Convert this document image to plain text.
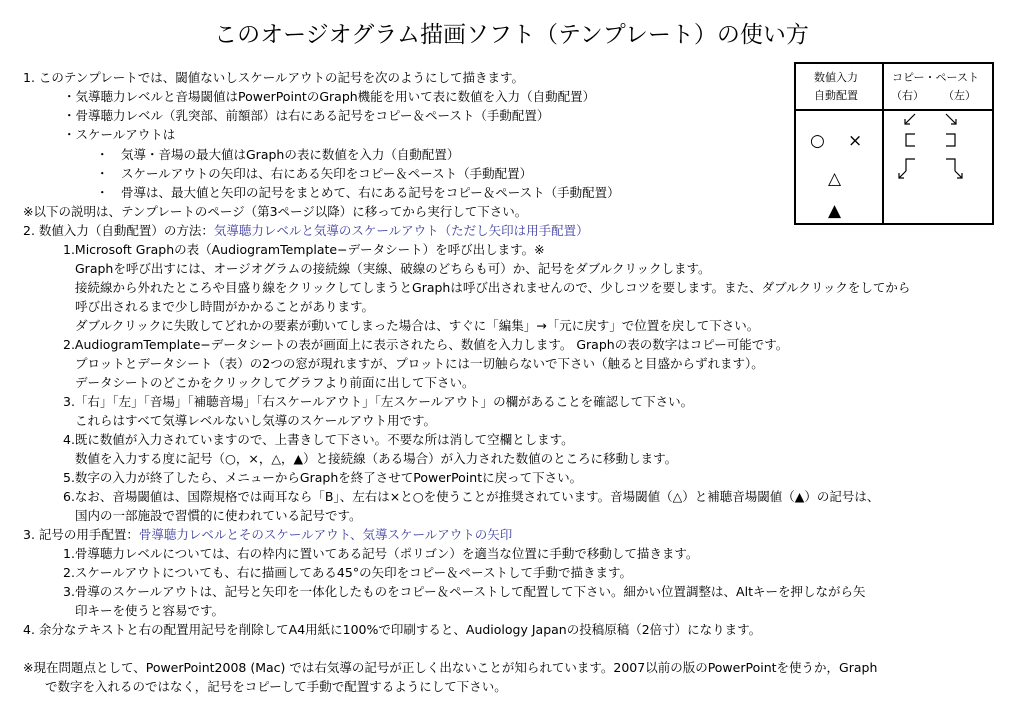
このオージオグラム描画ソフト（テンプレート）の使い方
1. このテンプレートでは、閾値ないしスケールアウトの記号を次のようにして描きます。
・気導聴力レベルと音場閾値はPowerPointのGraph機能を用いて表に数値を入力（自動配置）
・骨導聴力レベル（乳突部、前額部）は右にある記号をコピー＆ペースト（手動配置）
・スケールアウトは
・　気導・音場の最大値はGraphの表に数値を入力（自動配置）
・　スケールアウトの矢印は、右にある矢印をコピー＆ペースト（手動配置）
・　骨導は、最大値と矢印の記号をまとめて、右にある記号をコピー＆ペースト（手動配置）
※以下の説明は、テンプレートのページ（第3ページ以降）に移ってから実行して下さい。
2. 数値入力（自動配置）の方法：気導聴力レベルと気導のスケールアウト（ただし矢印は用手配置）
1.Microsoft Graphの表（AudiogramTemplate−データシート）を呼び出します。※
Graphを呼び出すには、オージオグラムの接続線（実線、破線のどちらも可）か、記号をダブルクリックします。
接続線から外れたところや目盛り線をクリックしてしまうとGraphは呼び出されませんので、少しコツを要します。また、ダブルクリックをしてから
呼び出されるまで少し時間がかかることがあります。
ダブルクリックに失敗してどれかの要素が動いてしまった場合は、すぐに「編集」→「元に戻す」で位置を戻して下さい。
2.AudiogramTemplate−データシートの表が画面上に表示されたら、数値を入力します。 Graphの表の数字はコピー可能です。
プロットとデータシート（表）の2つの窓が現れますが、プロットには一切触らないで下さい（触ると目盛からずれます）。
データシートのどこかをクリックしてグラフより前面に出して下さい。
3.「右」「左」「音場」「補聴音場」「右スケールアウト」「左スケールアウト」の欄があることを確認して下さい。
これらはすべて気導レベルないし気導のスケールアウト用です。
4.既に数値が入力されていますので、上書きして下さい。不要な所は消して空欄とします。
数値を入力する度に記号（○，×，△，▲）と接続線（ある場合）が入力された数値のところに移動します。
5.数字の入力が終了したら、メニューからGraphを終了させてPowerPointに戻って下さい。
6.なお、音場閾値は、国際規格では両耳なら「B」、左右は×と○を使うことが推奨されています。音場閾値（△）と補聴音場閾値（▲）の記号は、
国内の一部施設で習慣的に使われている記号です。
3. 記号の用手配置：骨導聴力レベルとそのスケールアウト、気導スケールアウトの矢印
1.骨導聴力レベルについては、右の枠内に置いてある記号（ポリゴン）を適当な位置に手動で移動して描きます。
2.スケールアウトについても、右に描画してある45°の矢印をコピー＆ペーストして手動で描きます。
3.骨導のスケールアウトは、記号と矢印を一体化したものをコピー＆ペーストして配置して下さい。細かい位置調整は、Altキーを押しながら矢
印キーを使うと容易です。
4. 余分なテキストと右の配置用記号を削除してA4用紙に100%で印刷すると、Audiology Japanの投稿原稿（2倍寸）になります。
※現在問題点として、PowerPoint2008 (Mac) では右気導の記号が正しく出ないことが知られています。2007以前の版のPowerPointを使うか，Graph
で数字を入れるのではなく，記号をコピーして手動で配置するようにして下さい。
数値入力
自動配置
コピー・ペースト
（右） （左）
○ ×
△
▲
